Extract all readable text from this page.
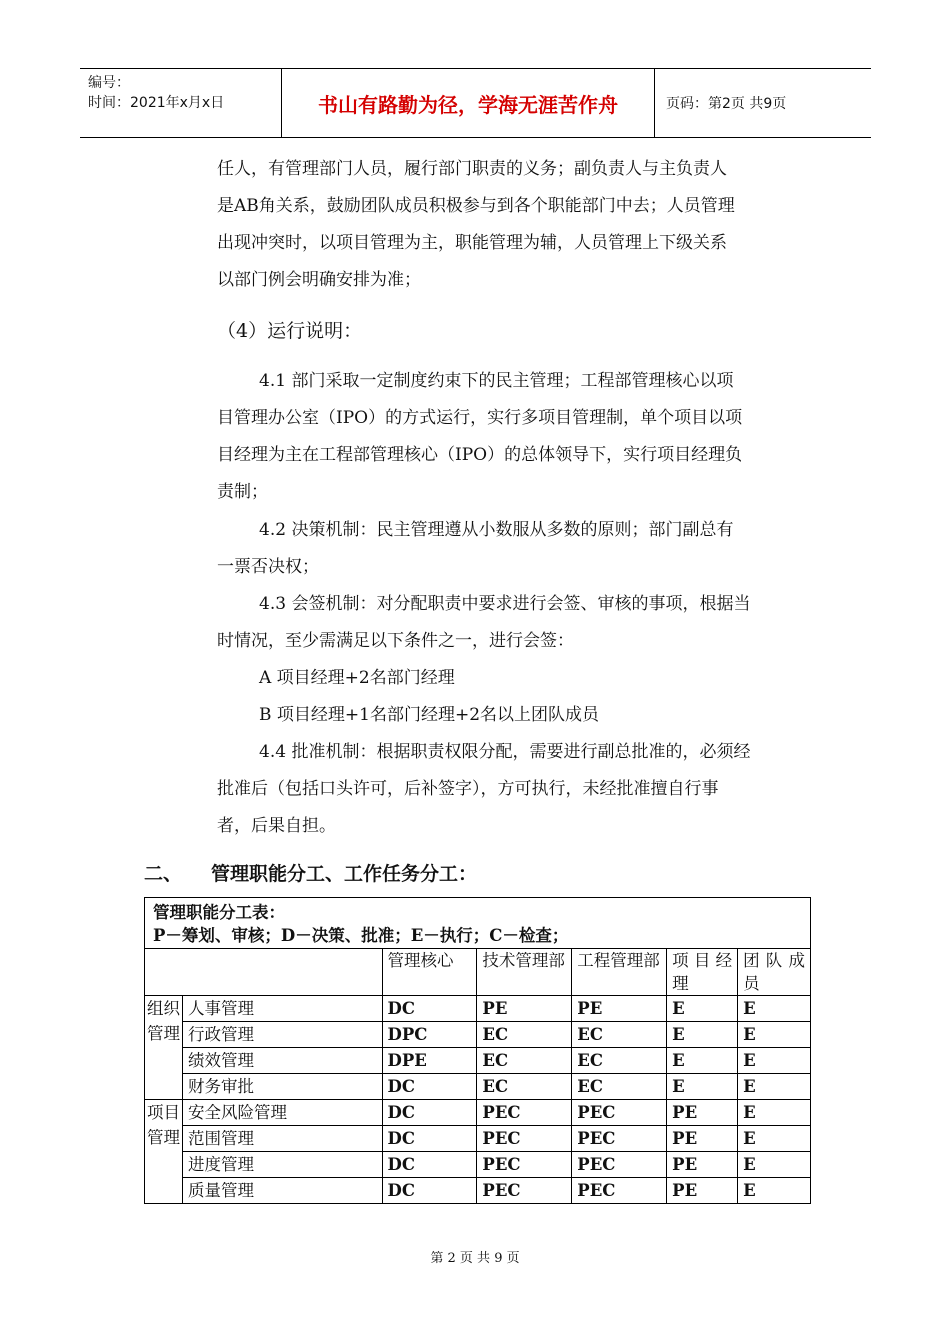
编号：
时间：2021年x月x日	书山有路勤为径，学海无涯苦作舟	页码：第2页 共9页
任人，有管理部门人员，履行部门职责的义务；副负责人与主负责人
是AB角关系，鼓励团队成员积极参与到各个职能部门中去；人员管理
出现冲突时，以项目管理为主，职能管理为辅，人员管理上下级关系
以部门例会明确安排为准；
（4）运行说明：
4.1 部门采取一定制度约束下的民主管理；工程部管理核心以项
目管理办公室（IPO）的方式运行，实行多项目管理制，单个项目以项
目经理为主在工程部管理核心（IPO）的总体领导下，实行项目经理负
责制；
4.2 决策机制：民主管理遵从小数服从多数的原则；部门副总有
一票否决权；
4.3 会签机制：对分配职责中要求进行会签、审核的事项，根据当
时情况，至少需满足以下条件之一，进行会签：
A 项目经理+2名部门经理
B 项目经理+1名部门经理+2名以上团队成员
4.4 批准机制：根据职责权限分配，需要进行副总批准的，必须经
批准后（包括口头许可，后补签字），方可执行，未经批准擅自行事
者，后果自担。
二、 管理职能分工、工作任务分工：
管理职能分工表：
P－筹划、审核；D－决策、批准；E－执行；C－检查；						

		管理核心	技术管理部	工程管理部	项目经理	团队成员
组织管理	人事管理	DC	PE	PE	E	E
	行政管理	DPC	EC	EC	E	E
	绩效管理	DPE	EC	EC	E	E
	财务审批	DC	EC	EC	E	E
项目管理	安全风险管理	DC	PEC	PEC	PE	E
	范围管理	DC	PEC	PEC	PE	E
	进度管理	DC	PEC	PEC	PE	E
	质量管理	DC	PEC	PEC	PE	E
第 2 页 共 9 页
